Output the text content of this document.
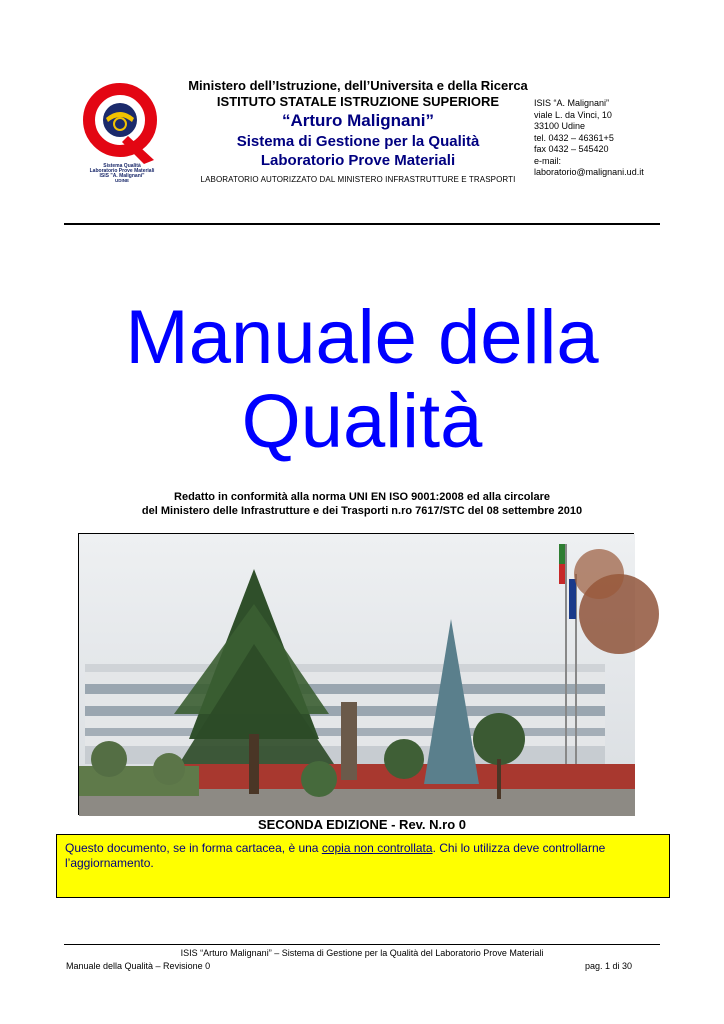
Sistema Qualità
Laboratorio Prove Materiali
ISIS "A. Malignani"
UDINE
Ministero dell’Istruzione, dell’Universita e della Ricerca
ISTITUTO STATALE ISTRUZIONE SUPERIORE
“Arturo Malignani”
Sistema di Gestione per la Qualità
Laboratorio Prove Materiali
LABORATORIO AUTORIZZATO DAL MINISTERO INFRASTRUTTURE E TRASPORTI
ISIS “A. Malignani”
viale L. da Vinci, 10
33100 Udine
tel. 0432 – 46361+5
fax 0432 – 545420
e-mail:
laboratorio@malignani.ud.it
Manuale della
Qualità
Redatto in conformità alla norma UNI EN ISO 9001:2008 ed alla circolare
del Ministero delle Infrastrutture e dei Trasporti n.ro 7617/STC del 08 settembre 2010
SECONDA EDIZIONE - Rev. N.ro 0
Questo documento, se in forma cartacea, è una copia non controllata. Chi lo utilizza deve controllarne l’aggiornamento.
ISIS “Arturo Malignani” – Sistema di Gestione per la Qualità del Laboratorio Prove Materiali
Manuale della Qualità – Revisione 0	pag. 1 di 30
